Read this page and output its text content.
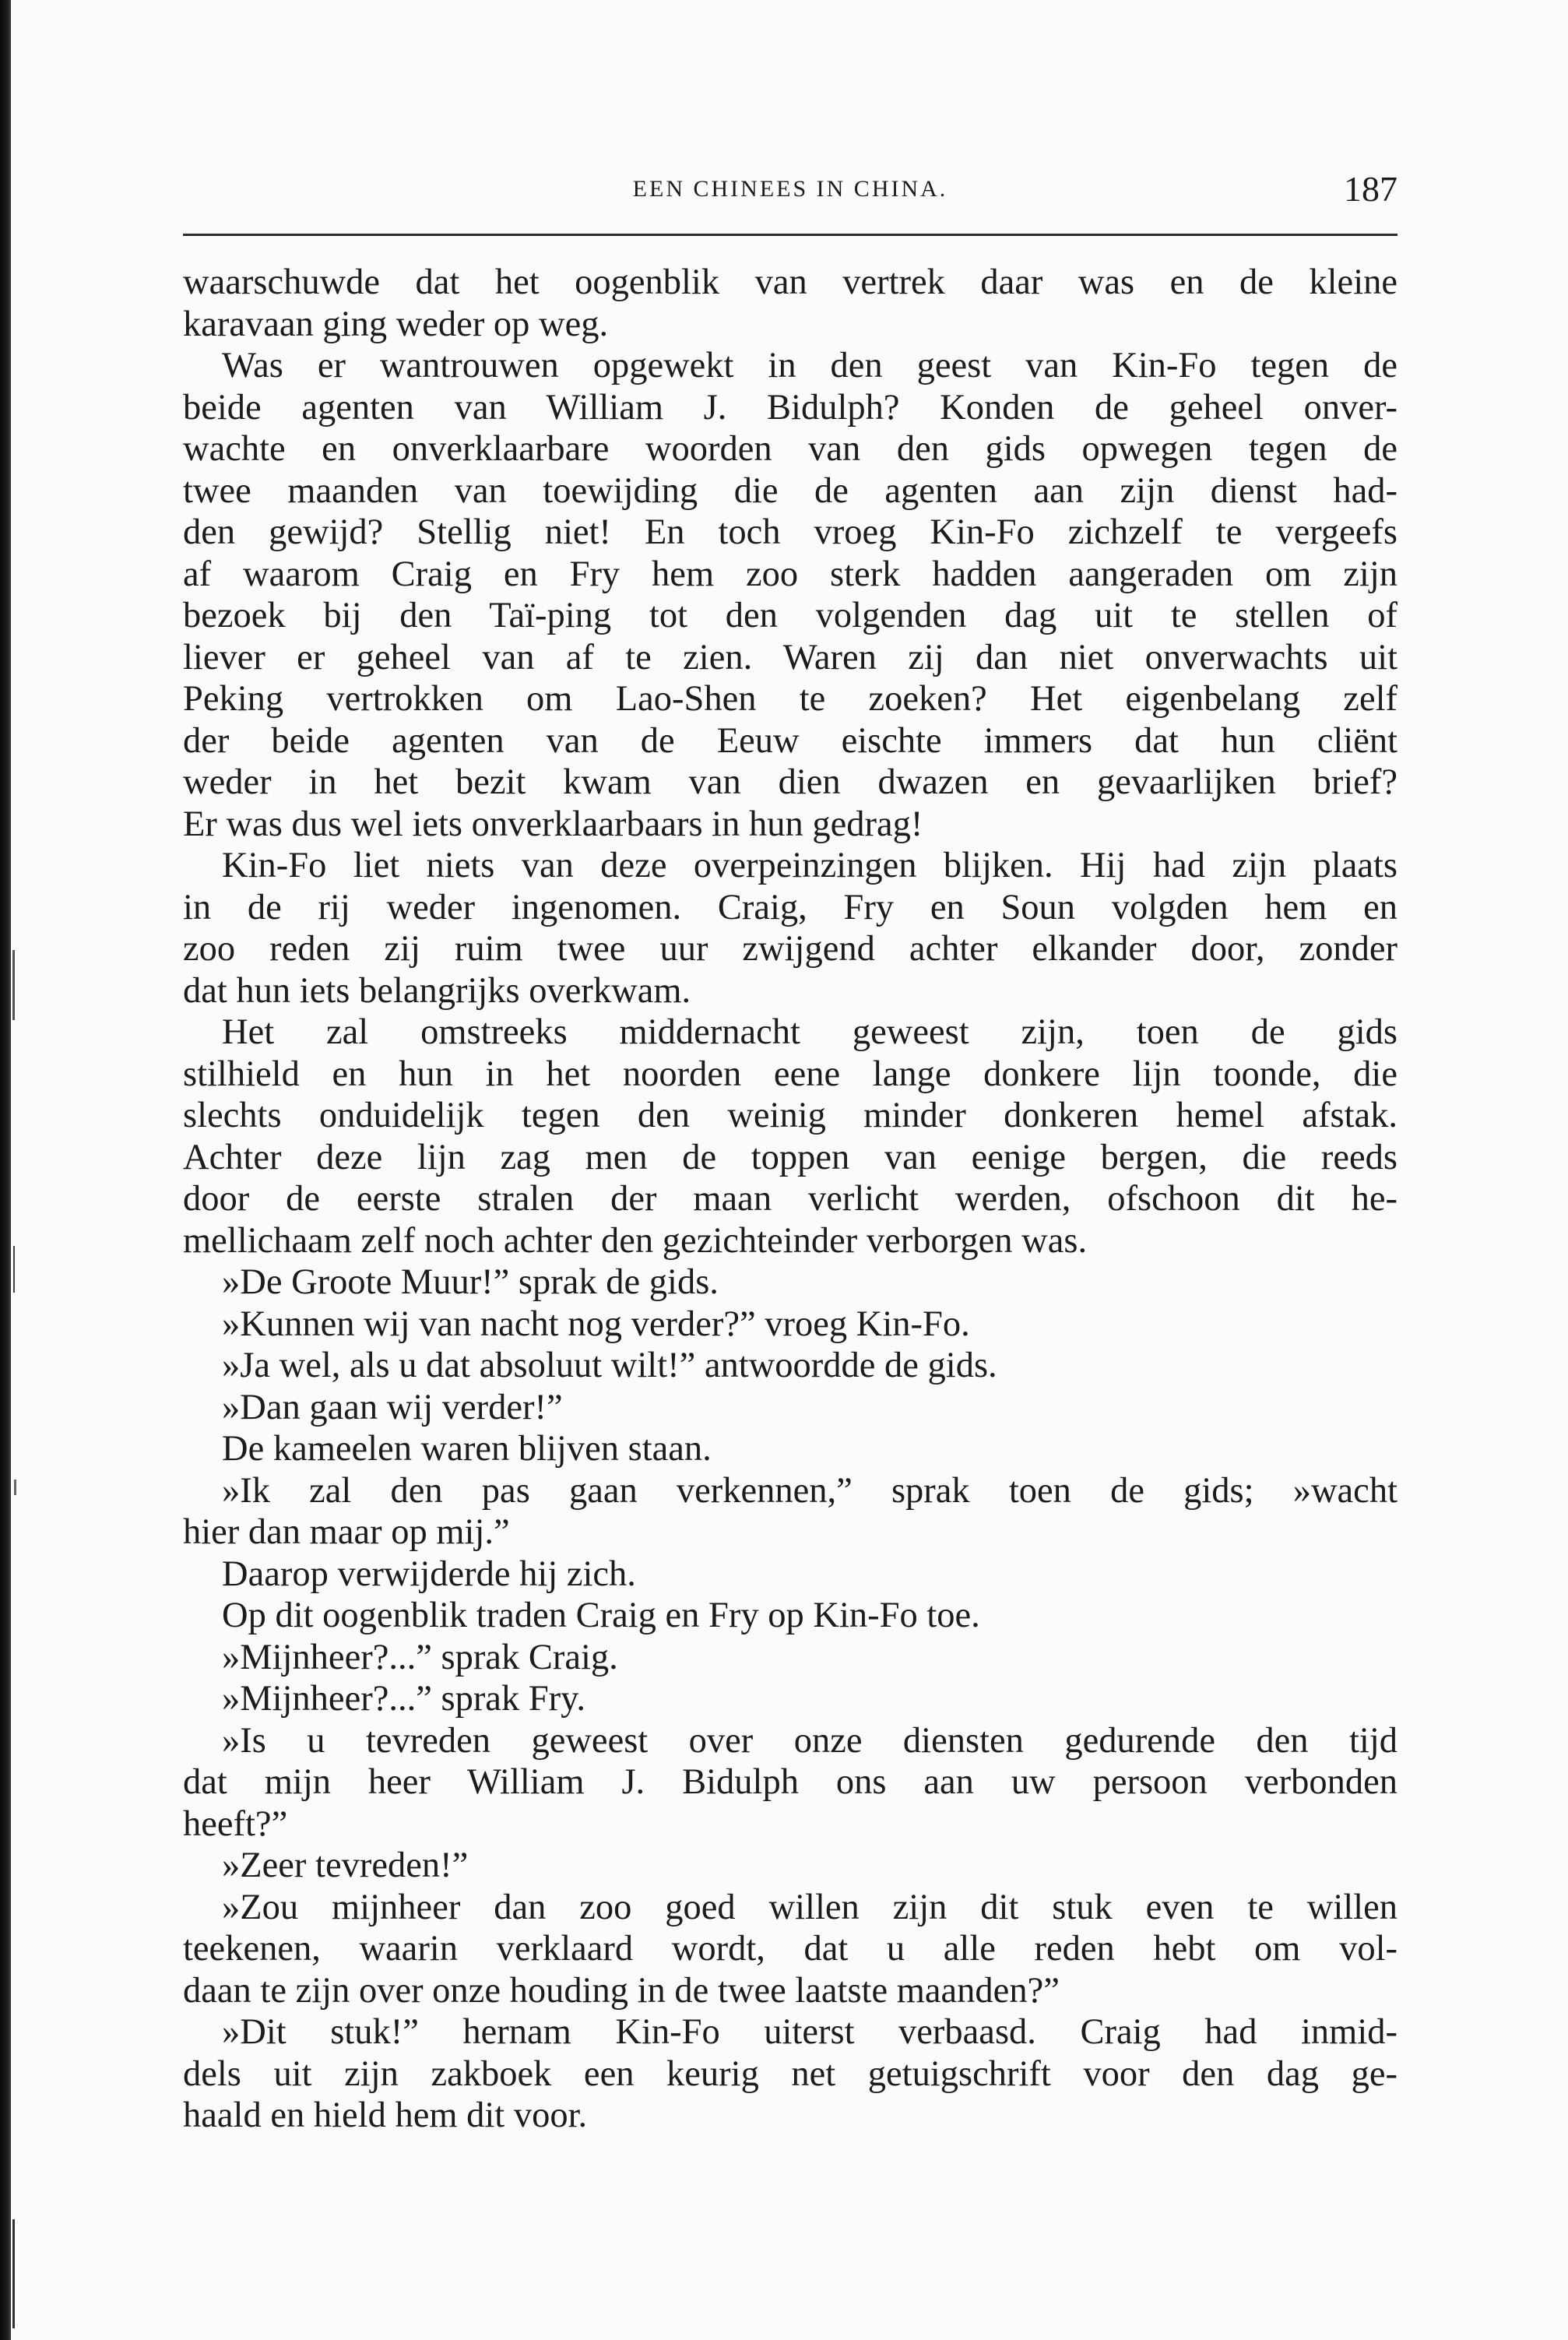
EEN CHINEES IN CHINA.	187
waarschuwde dat het oogenblik van vertrek daar was en de kleine
karavaan ging weder op weg.
Was er wantrouwen opgewekt in den geest van Kin-Fo tegen de
beide agenten van William J. Bidulph? Konden de geheel onver-
wachte en onverklaarbare woorden van den gids opwegen tegen de
twee maanden van toewijding die de agenten aan zijn dienst had-
den gewijd? Stellig niet! En toch vroeg Kin-Fo zichzelf te vergeefs
af waarom Craig en Fry hem zoo sterk hadden aangeraden om zijn
bezoek bij den Taï-ping tot den volgenden dag uit te stellen of
liever er geheel van af te zien. Waren zij dan niet onverwachts uit
Peking vertrokken om Lao-Shen te zoeken? Het eigenbelang zelf
der beide agenten van de Eeuw eischte immers dat hun cliënt
weder in het bezit kwam van dien dwazen en gevaarlijken brief?
Er was dus wel iets onverklaarbaars in hun gedrag!
Kin-Fo liet niets van deze overpeinzingen blijken. Hij had zijn plaats
in de rij weder ingenomen. Craig, Fry en Soun volgden hem en
zoo reden zij ruim twee uur zwijgend achter elkander door, zonder
dat hun iets belangrijks overkwam.
Het zal omstreeks middernacht geweest zijn, toen de gids
stilhield en hun in het noorden eene lange donkere lijn toonde, die
slechts onduidelijk tegen den weinig minder donkeren hemel afstak.
Achter deze lijn zag men de toppen van eenige bergen, die reeds
door de eerste stralen der maan verlicht werden, ofschoon dit he-
mellichaam zelf noch achter den gezichteinder verborgen was.
»De Groote Muur!” sprak de gids.
»Kunnen wij van nacht nog verder?” vroeg Kin-Fo.
»Ja wel, als u dat absoluut wilt!” antwoordde de gids.
»Dan gaan wij verder!”
De kameelen waren blijven staan.
»Ik zal den pas gaan verkennen,” sprak toen de gids; »wacht
hier dan maar op mij.”
Daarop verwijderde hij zich.
Op dit oogenblik traden Craig en Fry op Kin-Fo toe.
»Mijnheer?...” sprak Craig.
»Mijnheer?...” sprak Fry.
»Is u tevreden geweest over onze diensten gedurende den tijd
dat mijn heer William J. Bidulph ons aan uw persoon verbonden
heeft?”
»Zeer tevreden!”
»Zou mijnheer dan zoo goed willen zijn dit stuk even te willen
teekenen, waarin verklaard wordt, dat u alle reden hebt om vol-
daan te zijn over onze houding in de twee laatste maanden?”
»Dit stuk!” hernam Kin-Fo uiterst verbaasd. Craig had inmid-
dels uit zijn zakboek een keurig net getuigschrift voor den dag ge-
haald en hield hem dit voor.
